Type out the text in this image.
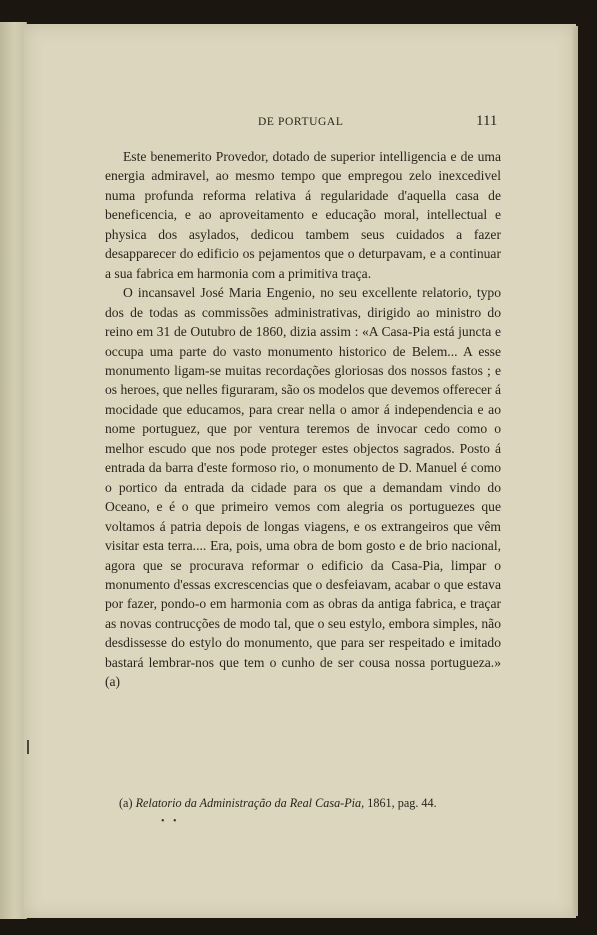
DE PORTUGAL	111

Este benemerito Provedor, dotado de superior intelligencia e de uma energia admiravel, ao mesmo tempo que empregou zelo inexcedivel numa profunda reforma relativa á regularidade d'aquella casa de beneficencia, e ao aproveitamento e educação moral, intellectual e physica dos asylados, dedicou tambem seus cuidados a fazer desapparecer do edificio os pejamentos que o deturpavam, e a continuar a sua fabrica em harmonia com a primitiva traça.

O incansavel José Maria Engenio, no seu excellente relatorio, typo dos de todas as commissões administrativas, dirigido ao ministro do reino em 31 de Outubro de 1860, dizia assim : «A Casa-Pia está juncta e occupa uma parte do vasto monumento historico de Belem... A esse monumento ligam-se muitas recordações gloriosas dos nossos fastos ; e os heroes, que nelles figuraram, são os modelos que devemos offerecer á mocidade que educamos, para crear nella o amor á independencia e ao nome portuguez, que por ventura teremos de invocar cedo como o melhor escudo que nos pode proteger estes objectos sagrados. Posto á entrada da barra d'este formoso rio, o monumento de D. Manuel é como o portico da entrada da cidade para os que a demandam vindo do Oceano, e é o que primeiro vemos com alegria os portuguezes que voltamos á patria depois de longas viagens, e os extrangeiros que vêm visitar esta terra.... Era, pois, uma obra de bom gosto e de brio nacional, agora que se procurava reformar o edificio da Casa-Pia, limpar o monumento d'essas excrescencias que o desfeiavam, acabar o que estava por fazer, pondo-o em harmonia com as obras da antiga fabrica, e traçar as novas contrucções de modo tal, que o seu estylo, embora simples, não desdissesse do estylo do monumento, que para ser respeitado e imitado bastará lembrar-nos que tem o cunho de ser cousa nossa portugueza.» (a)

(a) Relatorio da Administração da Real Casa-Pia, 1861, pag. 44.
• •
